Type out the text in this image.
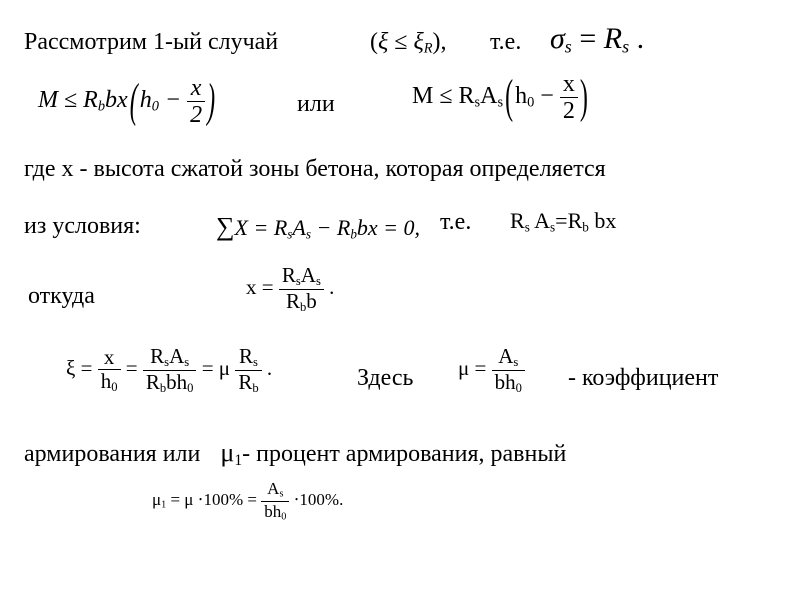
Рассмотрим 1-ый случай	$(\xi \le \xi_R)$, т.е. $\sigma_s = R_s$ .
$M \le R_bbx(h_0 - \frac{x}{2}$ )	или	$M \le R_sA_s(h_0 - \frac{x}{2}$ )
где x - высота сжатой зоны бетона, которая определяется
из условия:	$\sum X = R_sA_s - R_bbx = 0$, т.е. $R_s$ $A_s=R_b$ bx
откуда	$x = \frac{R_sA_s}{R_bb}$ .
$\xi = \frac{x}{h_0} = \frac{R_sA_s}{R_bbh_0} = \mu \frac{R_s}{R_b}$ .	Здесь $\mu = \frac{A_s}{bh_0}$ - коэффициент
армирования или $\mu_1-$ процент армирования, равный
$\mu_1 = \mu \cdot 100\% = \frac{A_s}{bh_0} \cdot 100\%$.
